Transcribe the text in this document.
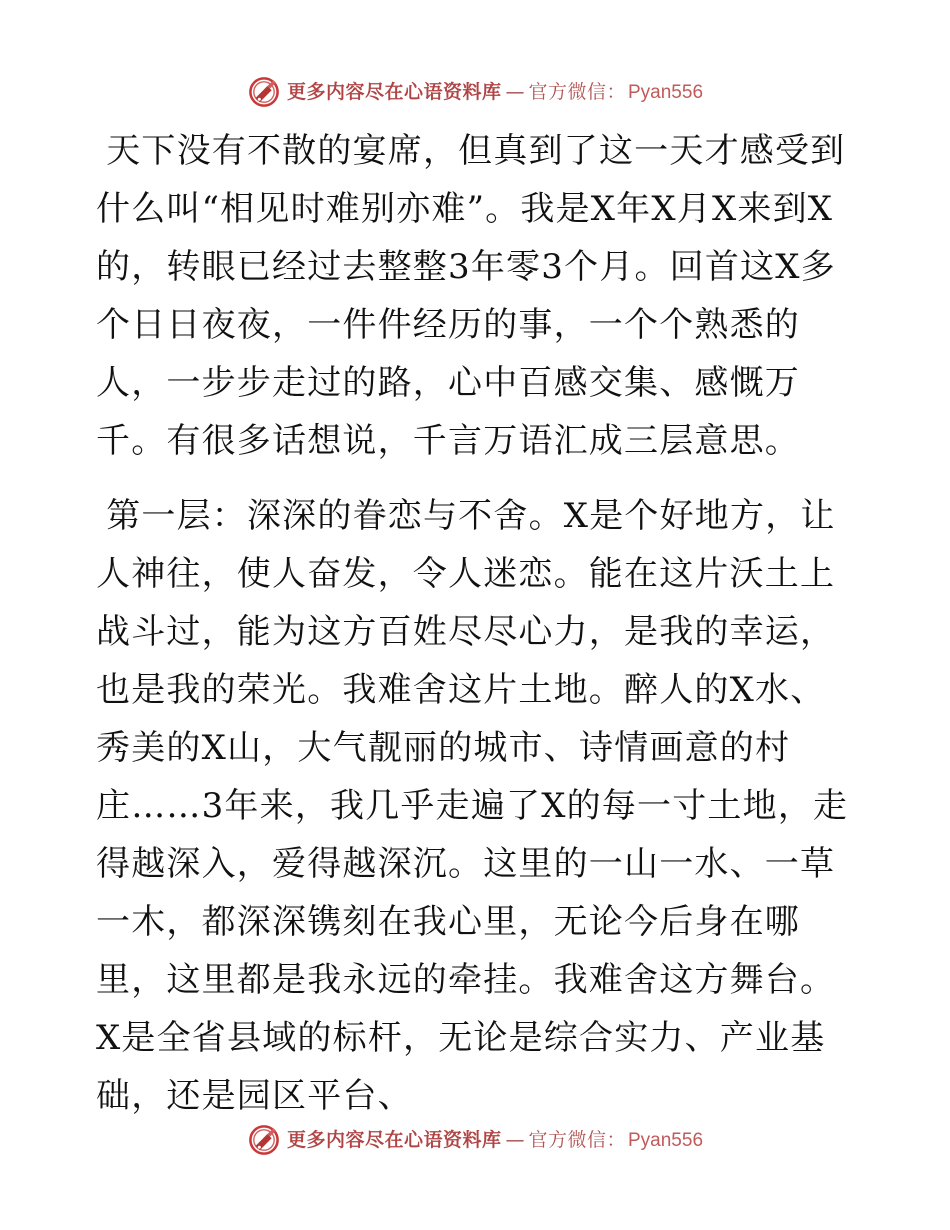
更多内容尽在心语资料库 — 官方微信： Pyan556

天下没有不散的宴席，但真到了这一天才感受到什么叫“相见时难别亦难”。我是X年X月X来到X的，转眼已经过去整整3年零3个月。回首这X多个日日夜夜，一件件经历的事，一个个熟悉的人，一步步走过的路，心中百感交集、感慨万千。有很多话想说，千言万语汇成三层意思。

第一层：深深的眷恋与不舍。X是个好地方，让人神往，使人奋发，令人迷恋。能在这片沃土上战斗过，能为这方百姓尽尽心力，是我的幸运，也是我的荣光。我难舍这片土地。醉人的X水、秀美的X山，大气靓丽的城市、诗情画意的村庄……3年来，我几乎走遍了X的每一寸土地，走得越深入，爱得越深沉。这里的一山一水、一草一木，都深深镌刻在我心里，无论今后身在哪里，这里都是我永远的牵挂。我难舍这方舞台。X是全省县域的标杆，无论是综合实力、产业基础，还是园区平台、

更多内容尽在心语资料库 — 官方微信： Pyan556
